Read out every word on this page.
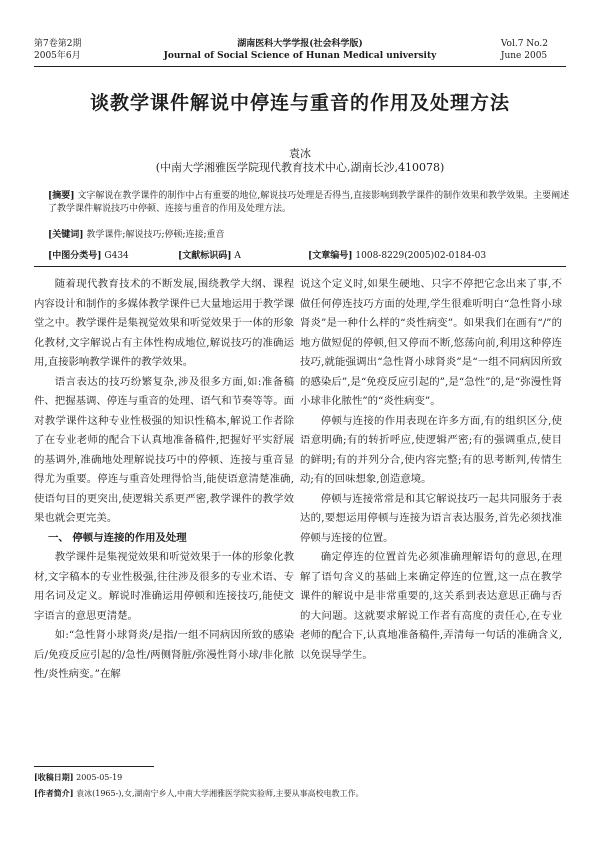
第7卷第2期
2005年6月
湖南医科大学学报(社会科学版)
Journal of Social Science of Hunan Medical university
Vol.7 No.2
June 2005
谈教学课件解说中停连与重音的作用及处理方法
袁冰
(中南大学湘雅医学院现代教育技术中心,湖南长沙,410078)
[摘要] 文字解说在教学课件的制作中占有重要的地位,解说技巧处理是否得当,直接影响到教学课件的制作效果和教学效果。主要阐述了教学课件解说技巧中停顿、连接与重音的作用及处理方法。
[关键词] 教学课件;解说技巧;停顿;连接;重音
[中图分类号] G434	[文献标识码] A	[文章编号] 1008-8229(2005)02-0184-03

随着现代教育技术的不断发展,围绕教学大纲、课程内容设计和制作的多媒体教学课件已大量地运用于教学课堂之中。教学课件是集视觉效果和听觉效果于一体的形象化教材,文字解说占有主体性构成地位,解说技巧的准确运用,直接影响教学课件的教学效果。

语言表达的技巧纷繁复杂,涉及很多方面,如:准备稿件、把握基调、停连与重音的处理、语气和节奏等等。面对教学课件这种专业性极强的知识性稿本,解说工作者除了在专业老师的配合下认真地准备稿件,把握好平实舒展的基调外,准确地处理解说技巧中的停顿、连接与重音显得尤为重要。停连与重音处理得恰当,能使语意清楚准确,使语句目的更突出,使逻辑关系更严密,教学课件的教学效果也就会更完美。

一、 停顿与连接的作用及处理

教学课件是集视觉效果和听觉效果于一体的形象化教材,文字稿本的专业性极强,往往涉及很多的专业术语、专用名词及定义。解说时准确运用停顿和连接技巧,能使文字语言的意思更清楚。

如:“急性肾小球肾炎/是指/一组不同病因所致的感染后/免疫反应引起的/急性/两侧肾脏/弥漫性肾小球/非化脓性/炎性病变。”在解

说这个定义时,如果生硬地、只字不停把它念出来了事,不做任何停连技巧方面的处理,学生很难听明白“急性肾小球肾炎”是一种什么样的“炎性病变”。如果我们在画有“/”的地方做短促的停顿,但又停而不断,悠荡向前,利用这种停连技巧,就能强调出“急性肾小球肾炎”是“一组不同病因所致的感染后”,是“免疫反应引起的”,是“急性”的,是“弥漫性肾小球非化脓性”的“炎性病变”。

停顿与连接的作用表现在许多方面,有的组织区分,使语意明确;有的转折呼应,使逻辑严密;有的强调重点,使目的鲜明;有的并列分合,使内容完整;有的思考断判,传情生动;有的回味想象,创造意境。

停顿与连接常常是和其它解说技巧一起共同服务于表达的,要想运用停顿与连接为语言表达服务,首先必须找准停顿与连接的位置。

确定停连的位置首先必须准确理解语句的意思,在理解了语句含义的基础上来确定停连的位置,这一点在教学课件的解说中是非常重要的,这关系到表达意思正确与否的大问题。这就要求解说工作者有高度的责任心,在专业老师的配合下,认真地准备稿件,弄清每一句话的准确含义,以免误导学生。

[收稿日期] 2005-05-19
[作者简介] 袁冰(1965-),女,湖南宁乡人,中南大学湘雅医学院实验师,主要从事高校电教工作。
